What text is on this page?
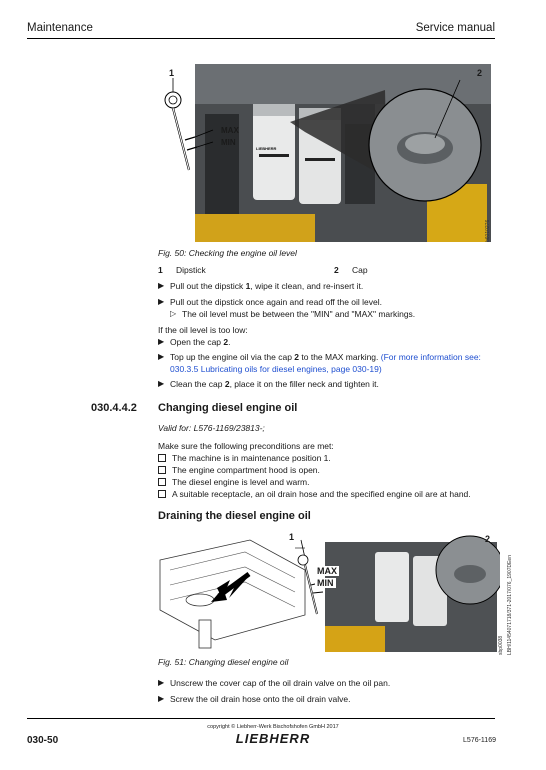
Maintenance	Service manual
1	2
MAX
MIN
LIEBHERR
b6010276
Fig. 50: Checking the engine oil level
1 Dipstick	2 Cap
▶ Pull out the dipstick 1, wipe it clean, and re-insert it.
▶ Pull out the dipstick once again and read off the oil level.
▷ The oil level must be between the "MIN" and "MAX" markings.
If the oil level is too low:
▶ Open the cap 2.
▶ Top up the engine oil via the cap 2 to the MAX marking. (For more information see: 030.3.5 Lubricating oils for diesel engines, page 030-19)
▶ Clean the cap 2, place it on the filler neck and tighten it.
030.4.4.2 Changing diesel engine oil
Valid for: L576-1169/23813-;
Make sure the following preconditions are met:
The machine is in maintenance position 1.
The engine compartment hood is open.
The diesel engine is level and warm.
A suitable receptacle, an oil drain hose and the specified engine oil are at hand.
Draining the diesel engine oil
1	2
MAX
MIN
sbp0038 LBH/11454071718/371-2017/076_1907DEen
Fig. 51: Changing diesel engine oil
▶ Unscrew the cover cap of the oil drain valve on the oil pan.
▶ Screw the oil drain hose onto the oil drain valve.
copyright © Liebherr-Werk Bischofshofen GmbH 2017
030-50	LIEBHERR	L576-1169
